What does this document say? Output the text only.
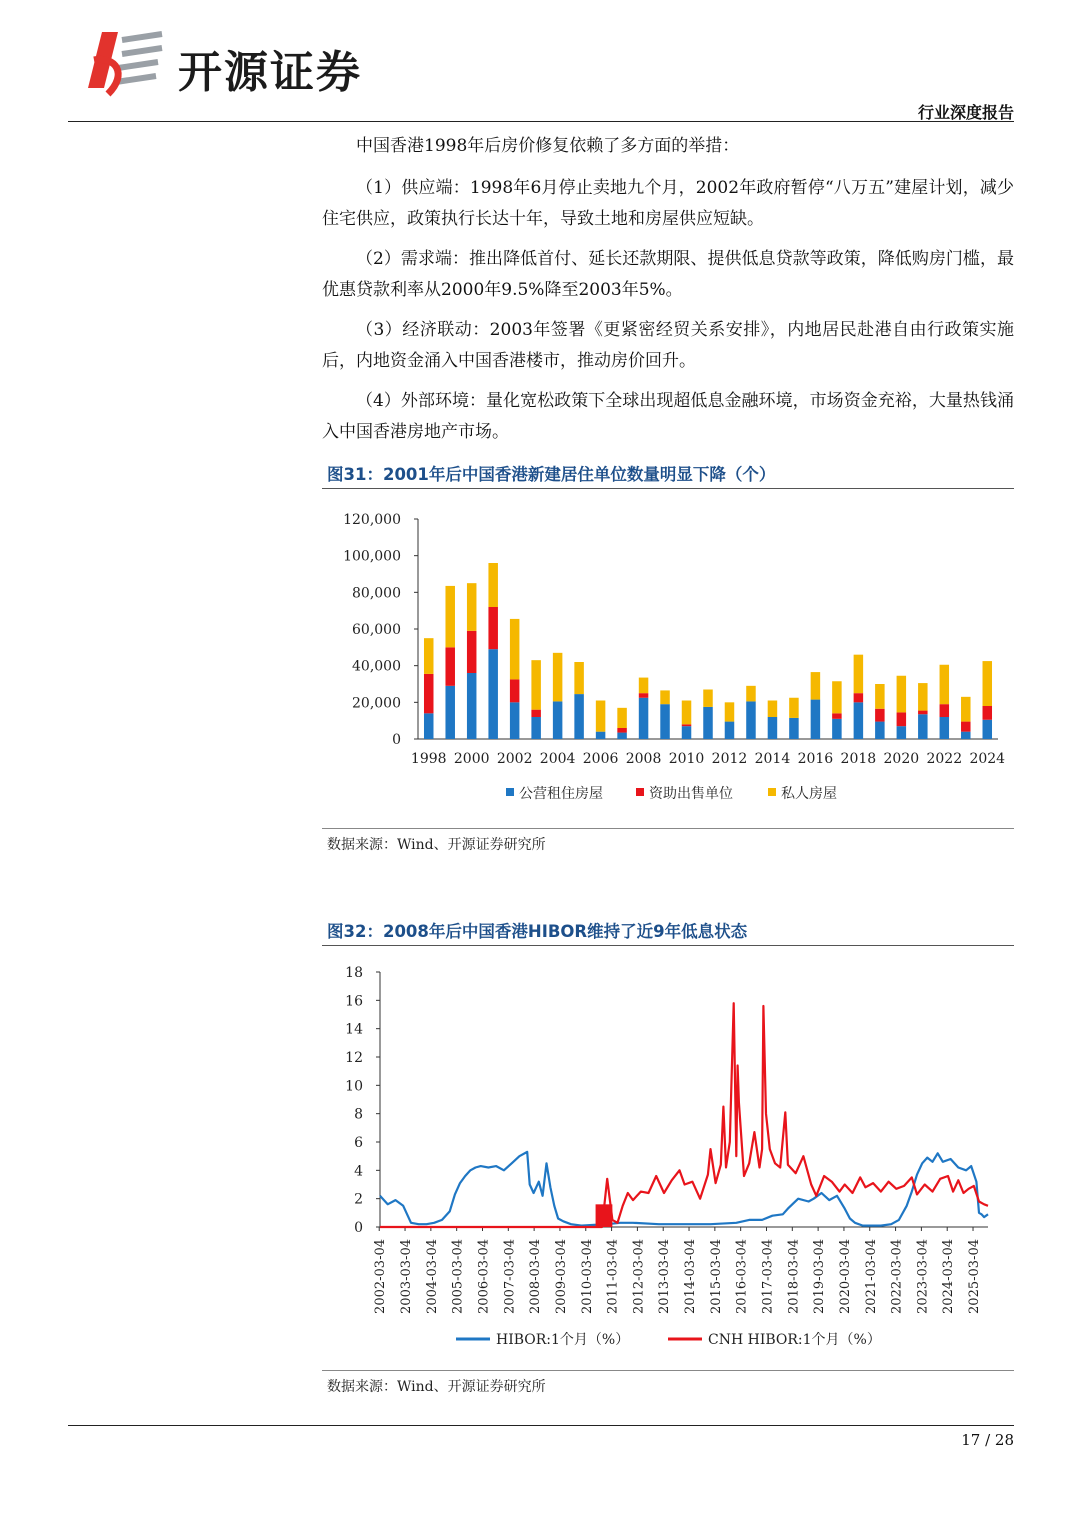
开源证券
行业深度报告
中国香港1998年后房价修复依赖了多方面的举措：
（1）供应端：1998年6月停止卖地九个月，2002年政府暂停“八万五”建屋计划，减少住宅供应，政策执行长达十年，导致土地和房屋供应短缺。
（2）需求端：推出降低首付、延长还款期限、提供低息贷款等政策，降低购房门槛，最优惠贷款利率从2000年9.5%降至2003年5%。
（3）经济联动：2003年签署《更紧密经贸关系安排》，内地居民赴港自由行政策实施后，内地资金涌入中国香港楼市，推动房价回升。
（4）外部环境：量化宽松政策下全球出现超低息金融环境，市场资金充裕，大量热钱涌入中国香港房地产市场。
图31：2001年后中国香港新建居住单位数量明显下降（个）
0
20,000
40,000
60,000
80,000
100,000
120,000
1998 2000 2002 2004 2006 2008 2010 2012 2014 2016 2018 2020 2022 2024
公营租住房屋	资助出售单位	私人房屋
数据来源：Wind、开源证券研究所
图32：2008年后中国香港HIBOR维持了近9年低息状态
0
2
4
6
8
10
12
14
16
18
2002-03-04 2003-03-04 2004-03-04 2005-03-04 2006-03-04 2007-03-04 2008-03-04 2009-03-04 2010-03-04 2011-03-04 2012-03-04 2013-03-04 2014-03-04 2015-03-04 2016-03-04 2017-03-04 2018-03-04 2019-03-04 2020-03-04 2021-03-04 2022-03-04 2023-03-04 2024-03-04 2025-03-04
HIBOR:1个月（%）	CNH HIBOR:1个月（%）
数据来源：Wind、开源证券研究所
17 / 28
